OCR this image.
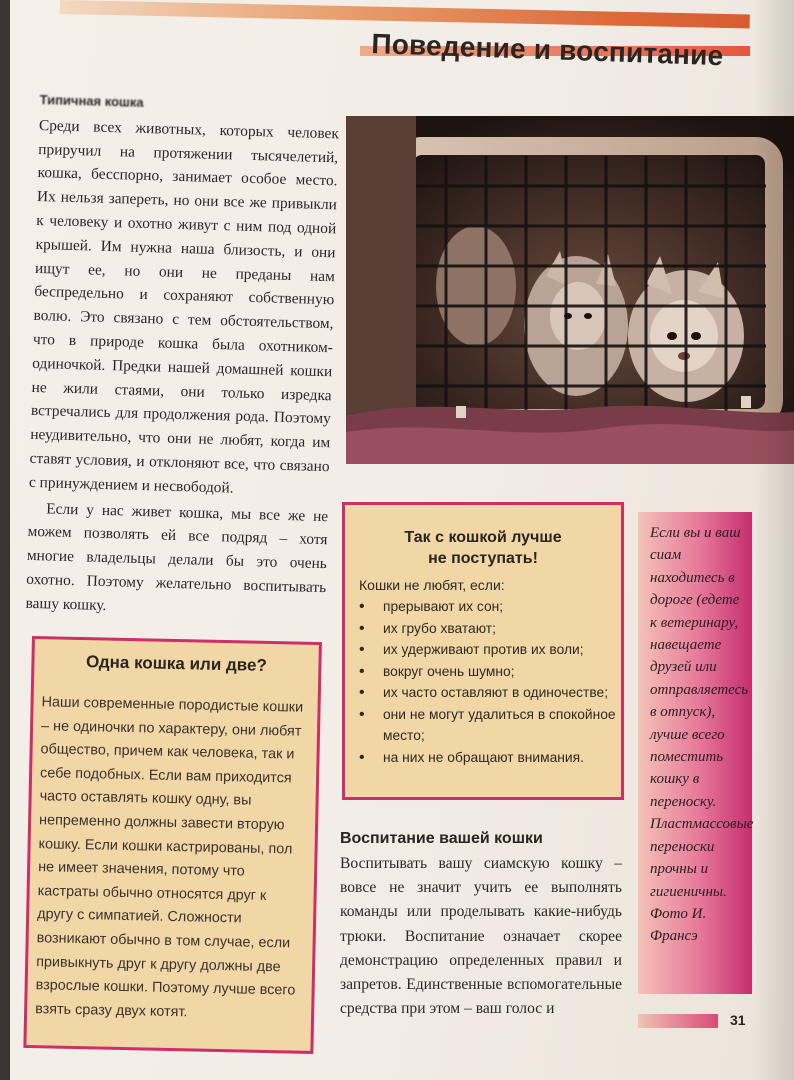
Поведение и воспитание
Типичная кошка

Среди всех животных, которых человек приручил на протяжении тысячелетий, кошка, бесспорно, занимает особое место. Их нельзя запереть, но они все же привыкли к человеку и охотно живут с ним под одной крышей. Им нужна наша близость, и они ищут ее, но они не преданы нам беспредельно и сохраняют собственную волю. Это связано с тем обстоятельством, что в природе кошка была охотником-одиночкой. Предки нашей домашней кошки не жили стаями, они только изредка встречались для продолжения рода. Поэтому неудивительно, что они не любят, когда им ставят условия, и отклоняют все, что связано с принуждением и несвободой.

Если у нас живет кошка, мы все же не можем позволять ей все подряд – хотя многие владельцы делали бы это очень охотно. Поэтому желательно воспитывать вашу кошку.

Так с кошкой лучше
не поступать!
Кошки не любят, если:
• прерывают их сон;
• их грубо хватают;
• их удерживают против их воли;
• вокруг очень шумно;
• их часто оставляют в одиночестве;
• они не могут удалиться в спокойное место;
• на них не обращают внимания.
Если вы и ваш сиам находитесь в дороге (едете к ветеринару, навещаете друзей или отправляетесь в отпуск), лучше всего поместить кошку в переноску. Пластмассовые переноски прочны и гигиеничны. Фото И. Франсэ
Одна кошка или две?
Наши современные породистые кошки – не одиночки по характеру, они любят общество, причем как человека, так и себе подобных. Если вам приходится часто оставлять кошку одну, вы непременно должны завести вторую кошку. Если кошки кастрированы, пол не имеет значения, потому что кастраты обычно относятся друг к другу с симпатией. Сложности возникают обычно в том случае, если привыкнуть друг к другу должны две взрослые кошки. Поэтому лучше всего взять сразу двух котят.
Воспитание вашей кошки
Воспитывать вашу сиамскую кошку – вовсе не значит учить ее выполнять команды или проделывать какие-нибудь трюки. Воспитание означает скорее демонстрацию определенных правил и запретов. Единственные вспомогательные средства при этом – ваш голос и
31
